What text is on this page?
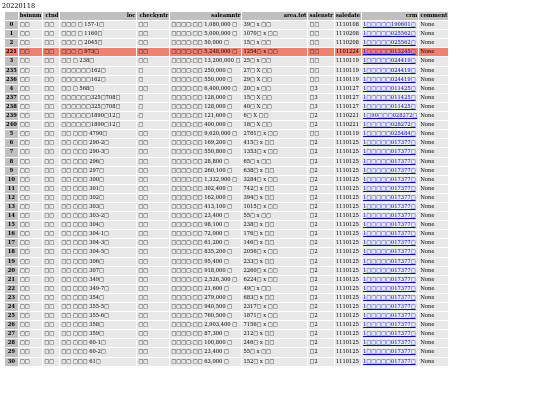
20220118
	bsinnm	ctnd	loc	checkyntr	saleamntr	area.tot	salenstr	saledate	crm	comment
0	□□	□□	□□□ □ 157-1□	□□	□□□□:□□ 1,080,000 □	39□ x □□	□□	1110108	1□□□□□190601□	None
1	□□	□□	□□□ □ 1160□	□□	□□□□:□□ 5,000,000 □	1070□ x □□	□□	1110208	1□□□□□025562□	None
2	□□	□□	□□□ □ 2045□	□□	□□□□:□□ 50,000 □	15□ x □□	□□	1110208	1□□□□□025562□	None
221	□□	□□	□□□ □ 973□	□□	□□□□:□□ 5,248,000 □	1254□ x □□	□□	1101224	1□□□□□013245□	None
3	□□	□□	□□ □ 238□	□□	□□□□:□□ 13,200,000 □	25□ x □□	□□	1110119	1□□□□□024419□	None
235	□□	□□	□□□□□□162□	□	□□□□:□□ 250,000 □	27□ X □□	□□	1110119	1□□□□□024419□	None
236	□□	□□	□□□□□□162□	□	□□□□:□□ 550,000 □	29□ X □□	□□	1110119	1□□□□□024419□	None
4	□□	□□	□□ □ 568□	□□	□□□□:□□ 6,400,000 □	20□ x □□	□3	1110127	1□□□□□011425□	None
237	□□	□□	□□□□□□325□708□	□	□□□□:□□ 128,000 □	15□ X □□	□3	1110127	1□□□□□011425□	None
238	□□	□□	□□□□□□325□708□	□	□□□□:□□ 128,000 □	40□ X □□	□3	1110127	1□□□□□011425□	None
239	□□	□□	□□□□□□1890□12□	□	□□□□:□□ 121,600 □	6□ X □□	□2	1110221	1□90□□□028272□	None
240	□□	□□	□□□□□□1890□12□	□	□□□□:□□ 400,000 □	18□ X □□	□2	1110221	1□□□□□028272□	None
5	□□	□□	□□ □□□ 4790□	□□	□□□□:□□ 9,620,000 □	2761□ x □□	□□	1110119	1□□□□□025484□	None
6	□□	□□	□□ □□□ 290-2□	□□	□□□□:□□ 169,200 □	415□ x □□	□2	1110125	1□□□□□017377□	None
7	□□	□□	□□ □□□ 290-3□	□□	□□□□:□□ 550,800 □	1353□ x □□	□2	1110125	1□□□□□017377□	None
8	□□	□□	□□ □□□ 296□	□□	□□□□:□□ 28,800 □	65□ x □□	□2	1110125	1□□□□□017377□	None
9	□□	□□	□□ □□□ 297□	□□	□□□□:□□ 260,100 □	638□ x □□	□2	1110125	1□□□□□017377□	None
10	□□	□□	□□ □□□ 300□	□□	□□□□:□□ 1,332,900 □	3284□ x □□	□2	1110125	1□□□□□017377□	None
11	□□	□□	□□ □□□ 301□	□□	□□□□:□□ 302,400 □	742□ x □□	□2	1110125	1□□□□□017377□	None
12	□□	□□	□□ □□□ 302□	□□	□□□□:□□ 162,000 □	394□ x □□	□2	1110125	1□□□□□017377□	None
13	□□	□□	□□ □□□ 303□	□□	□□□□:□□ 413,100 □	1015□ x □□	□2	1110125	1□□□□□017377□	None
14	□□	□□	□□ □□□ 303-2□	□□	□□□□:□□ 23,400 □	55□ x □□	□2	1110125	1□□□□□017377□	None
15	□□	□□	□□ □□□ 304□	□□	□□□□:□□ 98,100 □	238□ x □□	□2	1110125	1□□□□□017377□	None
16	□□	□□	□□ □□□ 304-1□	□□	□□□□:□□ 72,000 □	176□ x □□	□2	1110125	1□□□□□017377□	None
17	□□	□□	□□ □□□ 304-3□	□□	□□□□:□□ 61,200 □	146□ x □□	□2	1110125	1□□□□□017377□	None
18	□□	□□	□□ □□□ 304-5□	□□	□□□□:□□ 835,200 □	2056□ x □□	□2	1110125	1□□□□□017377□	None
19	□□	□□	□□ □□□ 306□	□□	□□□□:□□ 95,400 □	233□ x □□	□2	1110125	1□□□□□017377□	None
20	□□	□□	□□ □□□ 307□	□□	□□□□:□□ 918,000 □	2260□ x □□	□2	1110125	1□□□□□017377□	None
21	□□	□□	□□ □□□ 349□	□□	□□□□:□□ 2,526,300 □	6224□ x □□	□2	1110125	1□□□□□017377□	None
22	□□	□□	□□ □□□ 349-7□	□□	□□□□:□□ 21,600 □	49□ x □□	□2	1110125	1□□□□□017377□	None
23	□□	□□	□□ □□□ 354□	□□	□□□□:□□ 279,000 □	683□ x □□	□2	1110125	1□□□□□017377□	None
24	□□	□□	□□ □□□ 355-5□	□□	□□□□:□□ 940,500 □	2317□ x □□	□2	1110125	1□□□□□017377□	None
25	□□	□□	□□ □□□ 355-6□	□□	□□□□:□□ 760,500 □	1871□ x □□	□2	1110125	1□□□□□017377□	None
26	□□	□□	□□ □□□ 358□	□□	□□□□:□□ 2,903,400 □	7156□ x □□	□2	1110125	1□□□□□017377□	None
27	□□	□□	□□ □□□ 359□	□□	□□□□:□□ 87,300 □	212□ x □□	□2	1110125	1□□□□□017377□	None
28	□□	□□	□□ □□□ 60-1□	□□	□□□□:□□ 100,800 □	246□ x □□	□2	1110125	1□□□□□017377□	None
29	□□	□□	□□ □□□ 60-2□	□□	□□□□:□□ 23,400 □	55□ x □□	□2	1110125	1□□□□□017377□	None
30	□□	□□	□□ □□□ 61□	□□	□□□□:□□ 63,000 □	152□ x □□	□2	1110125	1□□□□□017377□	None
